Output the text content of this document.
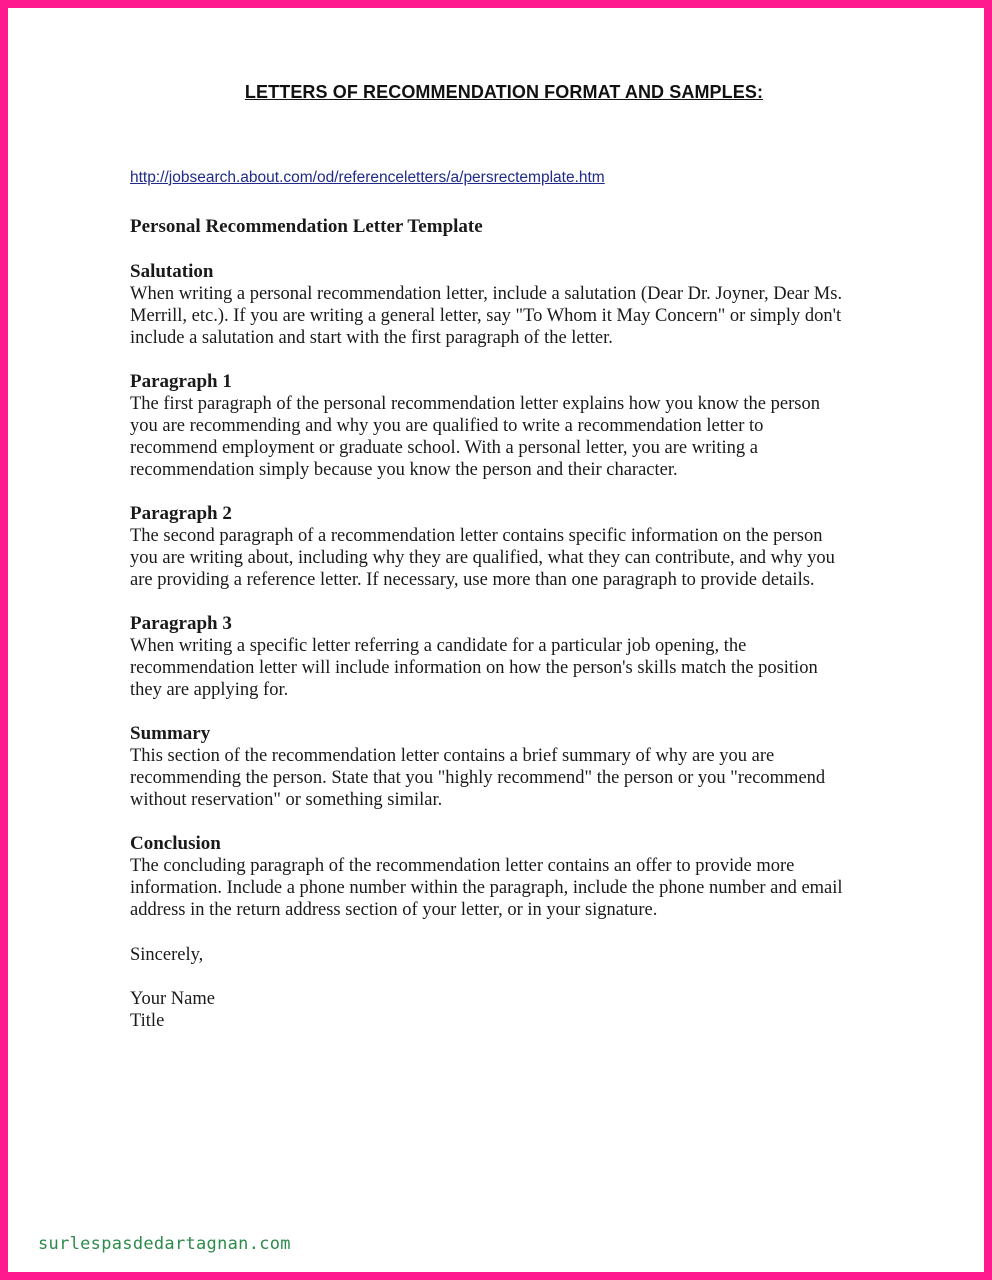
LETTERS OF RECOMMENDATION FORMAT AND SAMPLES:
http://jobsearch.about.com/od/referenceletters/a/persrectemplate.htm
Personal Recommendation Letter Template
Salutation

When writing a personal recommendation letter, include a salutation (Dear Dr. Joyner, Dear Ms.

Merrill, etc.). If you are writing a general letter, say "To Whom it May Concern" or simply don't

include a salutation and start with the first paragraph of the letter.

Paragraph 1

The first paragraph of the personal recommendation letter explains how you know the person

you are recommending and why you are qualified to write a recommendation letter to

recommend employment or graduate school. With a personal letter, you are writing a

recommendation simply because you know the person and their character.

Paragraph 2

The second paragraph of a recommendation letter contains specific information on the person

you are writing about, including why they are qualified, what they can contribute, and why you

are providing a reference letter. If necessary, use more than one paragraph to provide details.

Paragraph 3

When writing a specific letter referring a candidate for a particular job opening, the

recommendation letter will include information on how the person's skills match the position

they are applying for.

Summary

This section of the recommendation letter contains a brief summary of why are you are

recommending the person. State that you "highly recommend" the person or you "recommend

without reservation" or something similar.

Conclusion

The concluding paragraph of the recommendation letter contains an offer to provide more

information. Include a phone number within the paragraph, include the phone number and email

address in the return address section of your letter, or in your signature.

Sincerely,

Your Name

Title

surlespasdedartagnan.com
